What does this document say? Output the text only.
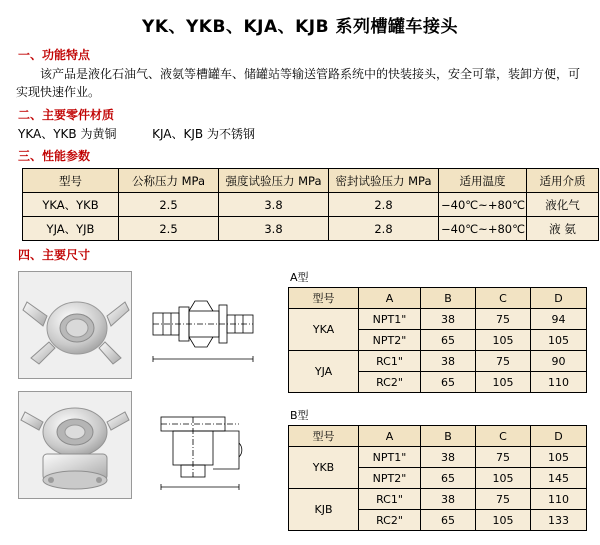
YK、YKB、KJA、KJB 系列槽罐车接头
一、功能特点
该产品是液化石油气、液氨等槽罐车、储罐站等输送管路系统中的快装接头，安全可靠，装卸方便，可实现快速作业。
二、主要零件材质
YKA、YKB 为黄铜	KJA、KJB 为不锈钢
三、性能参数
型号	公称压力 MPa	强度试验压力 MPa	密封试验压力 MPa	适用温度	适用介质
YKA、YKB	2.5	3.8	2.8	−40℃~+80℃	液化气
YJA、YJB	2.5	3.8	2.8	−40℃~+80℃	液 氨
四、主要尺寸

A型
型号	A	B	C	D
YKA	NPT1"	38	75	94
	NPT2"	65	105	105
YJA	RC1"	38	75	90
	RC2"	65	105	110
B型
型号	A	B	C	D
YKB	NPT1"	38	75	105
	NPT2"	65	105	145
KJB	RC1"	38	75	110
	RC2"	65	105	133
